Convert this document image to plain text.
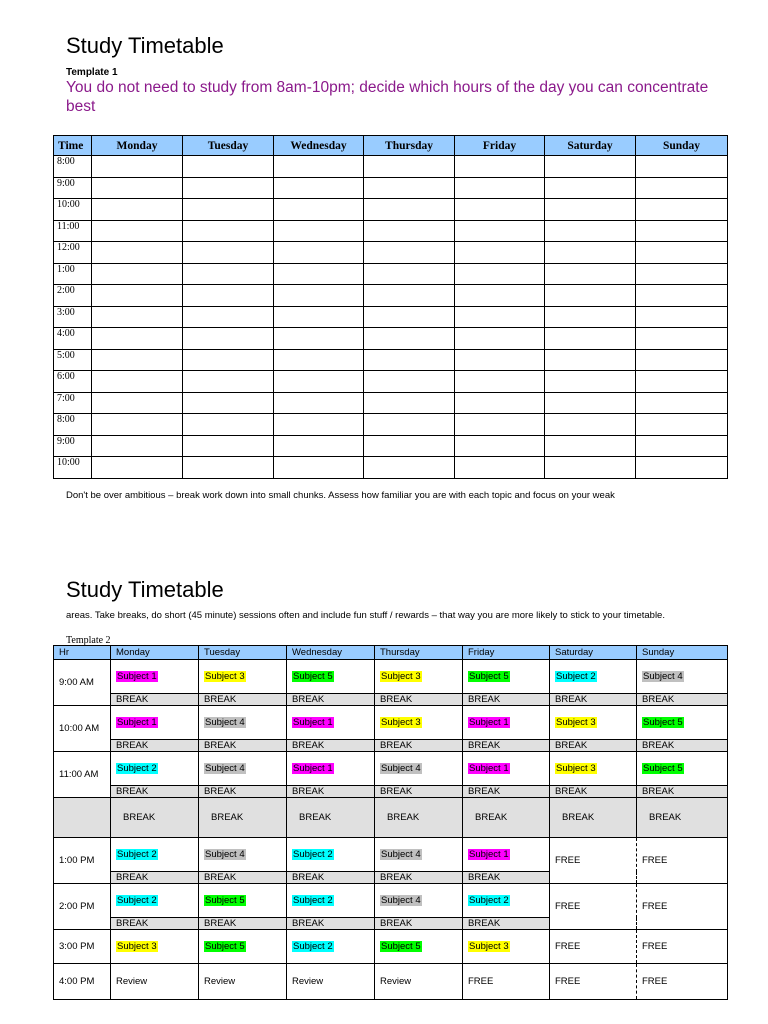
Study Timetable
Template 1
You do not need to study from 8am-10pm; decide which hours of the day you can concentrate best
Time	Monday	Tuesday	Wednesday	Thursday	Friday	Saturday	Sunday
8:00							
9:00							
10:00							
11:00							
12:00							
1:00							
2:00							
3:00							
4:00							
5:00							
6:00							
7:00							
8:00							
9:00							
10:00							
Don't be over ambitious – break work down into small chunks. Assess how familiar you are with each topic and focus on your weak
Study Timetable
areas. Take breaks, do short (45 minute) sessions often and include fun stuff / rewards – that way you are more likely to stick to your timetable.
Template 2
Hr	Monday	Tuesday	Wednesday	Thursday	Friday	Saturday	Sunday
9:00 AM	Subject 1	Subject 3	Subject 5	Subject 3	Subject 5	Subject 2	Subject 4
	BREAK	BREAK	BREAK	BREAK	BREAK	BREAK	BREAK
10:00 AM	Subject 1	Subject 4	Subject 1	Subject 3	Subject 1	Subject 3	Subject 5
	BREAK	BREAK	BREAK	BREAK	BREAK	BREAK	BREAK
11:00 AM	Subject 2	Subject 4	Subject 1	Subject 4	Subject 1	Subject 3	Subject 5
	BREAK	BREAK	BREAK	BREAK	BREAK	BREAK	BREAK
	BREAK	BREAK	BREAK	BREAK	BREAK	BREAK	BREAK
1:00 PM	Subject 2	Subject 4	Subject 2	Subject 4	Subject 1	FREE	FREE
	BREAK	BREAK	BREAK	BREAK	BREAK		
2:00 PM	Subject 2	Subject 5	Subject 2	Subject 4	Subject 2	FREE	FREE
	BREAK	BREAK	BREAK	BREAK	BREAK		
3:00 PM	Subject 3	Subject 5	Subject 2	Subject 5	Subject 3	FREE	FREE
4:00 PM	Review	Review	Review	Review	FREE	FREE	FREE
